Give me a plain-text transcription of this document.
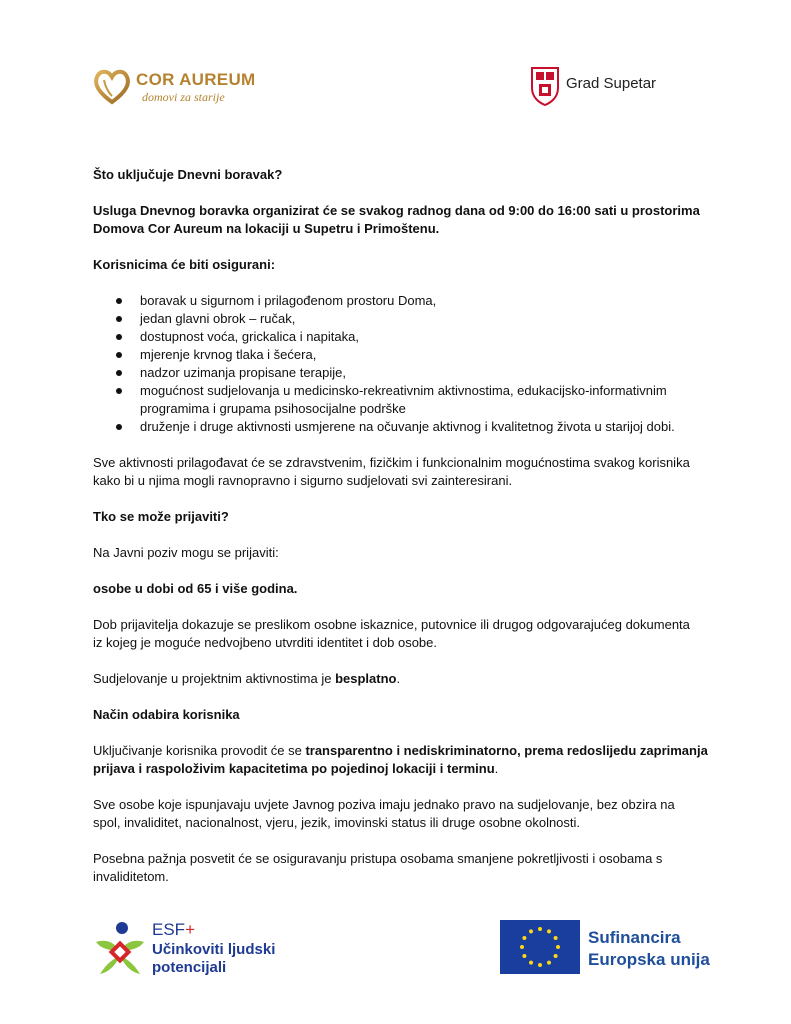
COR AUREUM
domovi za starije
Grad Supetar
Što uključuje Dnevni boravak?
Usluga Dnevnog boravka organizirat će se svakog radnog dana od 9:00 do 16:00 sati u prostorima
Domova Cor Aureum na lokaciji u Supetru i Primoštenu.
Korisnicima će biti osigurani:
boravak u sigurnom i prilagođenom prostoru Doma,
jedan glavni obrok – ručak,
dostupnost voća, grickalica i napitaka,
mjerenje krvnog tlaka i šećera,
nadzor uzimanja propisane terapije,
mogućnost sudjelovanja u medicinsko-rekreativnim aktivnostima, edukacijsko-informativnim
programima i grupama psihosocijalne podrške
druženje i druge aktivnosti usmjerene na očuvanje aktivnog i kvalitetnog života u starijoj dobi.
Sve aktivnosti prilagođavat će se zdravstvenim, fizičkim i funkcionalnim mogućnostima svakog korisnika
kako bi u njima mogli ravnopravno i sigurno sudjelovati svi zainteresirani.
Tko se može prijaviti?
Na Javni poziv mogu se prijaviti:
osobe u dobi od 65 i više godina.
Dob prijavitelja dokazuje se preslikom osobne iskaznice, putovnice ili drugog odgovarajućeg dokumenta
iz kojeg je moguće nedvojbeno utvrditi identitet i dob osobe.
Sudjelovanje u projektnim aktivnostima je besplatno.
Način odabira korisnika
Uključivanje korisnika provodit će se transparentno i nediskriminatorno, prema redoslijedu zaprimanja
prijava i raspoloživim kapacitetima po pojedinoj lokaciji i terminu.
Sve osobe koje ispunjavaju uvjete Javnog poziva imaju jednako pravo na sudjelovanje, bez obzira na
spol, invaliditet, nacionalnost, vjeru, jezik, imovinski status ili druge osobne okolnosti.
Posebna pažnja posvetit će se osiguravanju pristupa osobama smanjene pokretljivosti i osobama s
invaliditetom.
ESF+
Učinkoviti ljudski
potencijali
Sufinancira
Europska unija
